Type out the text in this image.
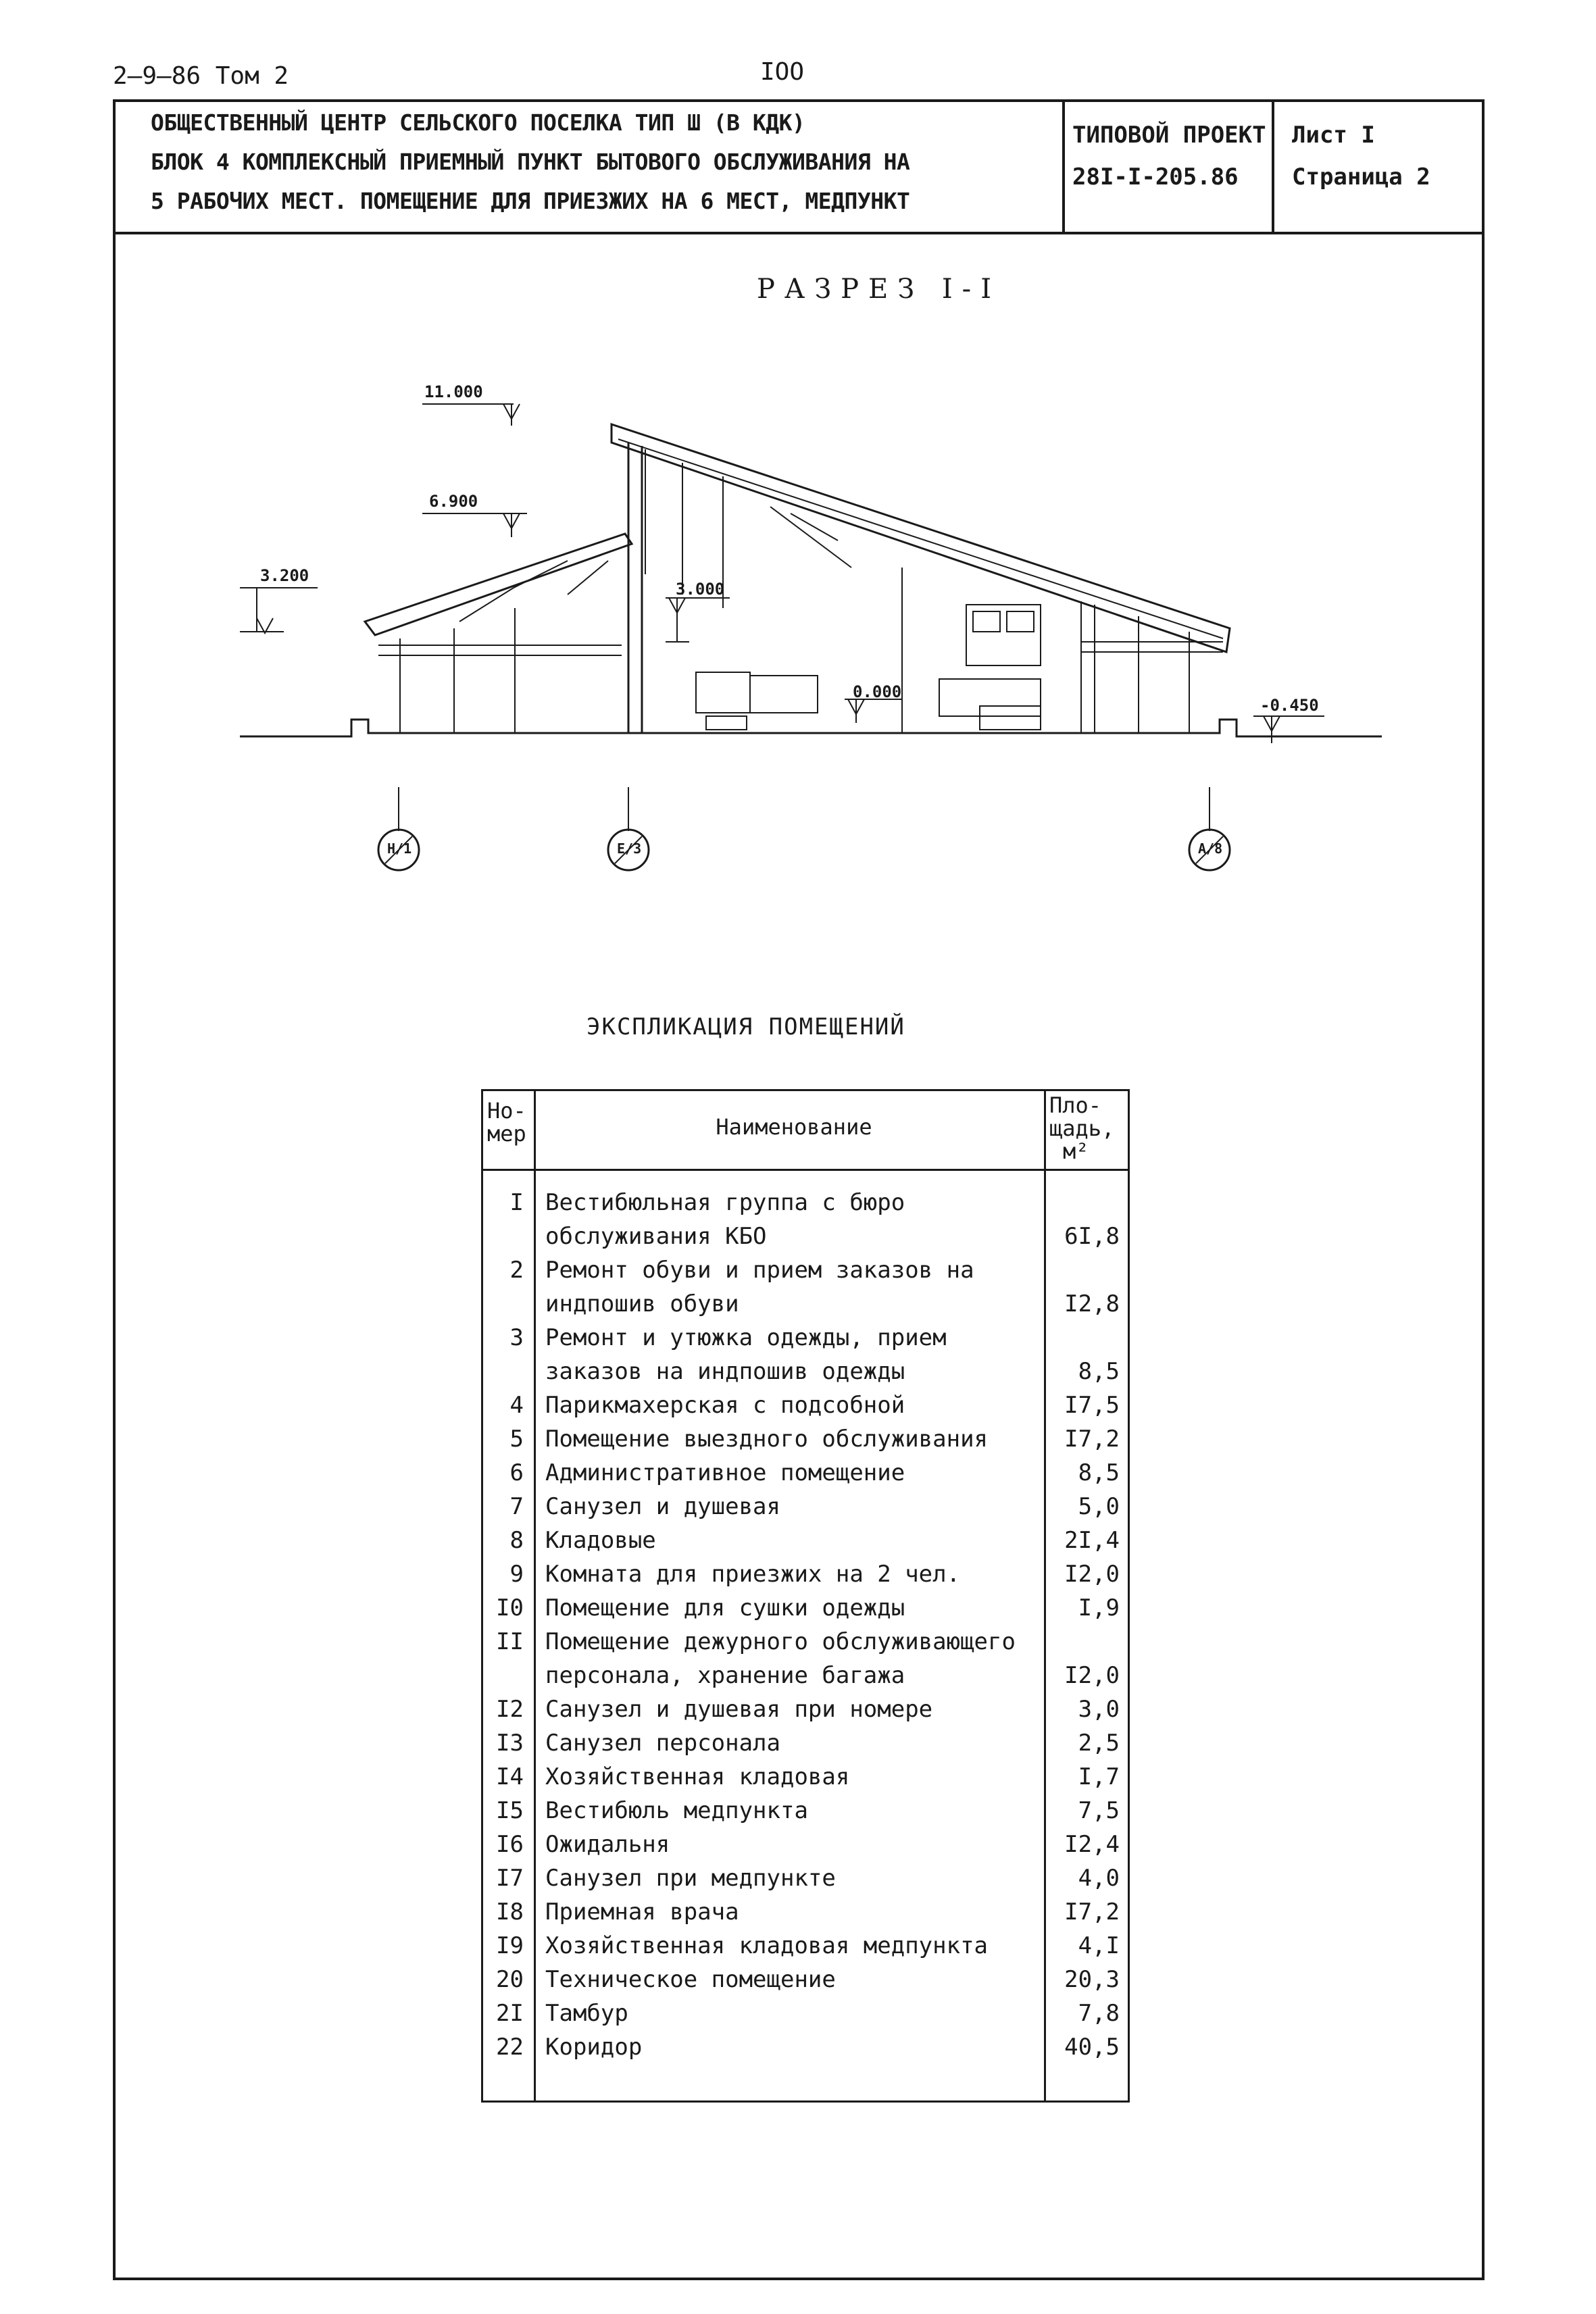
2–9–86 Том 2	IOO
ОБЩЕСТВЕННЫЙ ЦЕНТР СЕЛЬСКОГО ПОСЕЛКА ТИП Ш (В КДК)
БЛОК 4 КОМПЛЕКСНЫЙ ПРИЕМНЫЙ ПУНКТ БЫТОВОГО ОБСЛУЖИВАНИЯ НА
5 РАБОЧИХ МЕСТ. ПОМЕЩЕНИЕ ДЛЯ ПРИЕЗЖИХ НА 6 МЕСТ, МЕДПУНКТ
ТИПОВОЙ ПРОЕКТ
28I-I-205.86
Лист I
Страница 2
РАЗРЕЗ I-I
11.000
6.900
3.200
3.000
0.000
-0.450
Н/1	Е/3	А/8
ЭКСПЛИКАЦИЯ ПОМЕЩЕНИЙ
Но-
мер	Наименование
Пло-
щадь,
м²
I Вестибюльная группа с бюро
обслуживания КБО	6I,8
2 Ремонт обуви и прием заказов на
индпошив обуви	I2,8
3 Ремонт и утюжка одежды, прием
заказов на индпошив одежды	8,5
4 Парикмахерская с подсобной	I7,5
5 Помещение выездного обслуживания	I7,2
6 Административное помещение	8,5
7 Санузел и душевая	5,0
8 Кладовые	2I,4
9 Комната для приезжих на 2 чел.	I2,0
I0 Помещение для сушки одежды	I,9
II Помещение дежурного обслуживающего
персонала, хранение багажа	I2,0
I2 Санузел и душевая при номере	3,0
I3 Санузел персонала	2,5
I4 Хозяйственная кладовая	I,7
I5 Вестибюль медпункта	7,5
I6 Ожидальня	I2,4
I7 Санузел при медпункте	4,0
I8 Приемная врача	I7,2
I9 Хозяйственная кладовая медпункта	4,I
20 Техническое помещение	20,3
2I Тамбур	7,8
22 Коридор	40,5
